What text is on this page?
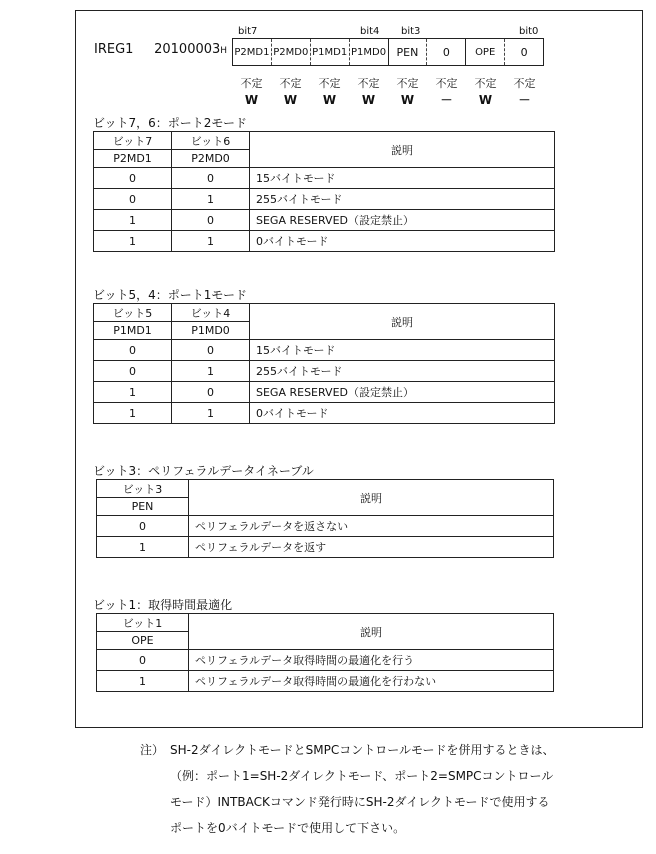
IREG1 20100003H
bit7	bit4 bit3	bit0
P2MD1 P2MD0 P1MD1 P1MD0 PEN	0	OPE	0
不定
W
不定
W
不定
W
不定
W
不定
W
不定
－
不定
W
不定
－
ビット7，6：ポート2モード
ビット7	ビット6	説明
P2MD1	P2MD0	
0	0	15バイトモード
0	1	255バイトモード
1	0	SEGA RESERVED（設定禁止）
1	1	0バイトモード
ビット5，4：ポート1モード
ビット5	ビット4	説明
P1MD1	P1MD0	
0	0	15バイトモード
0	1	255バイトモード
1	0	SEGA RESERVED（設定禁止）
1	1	0バイトモード
ビット3：ペリフェラルデータイネーブル
ビット3	説明
PEN	
0	ペリフェラルデータを返さない
1	ペリフェラルデータを返す
ビット1：取得時間最適化
ビット1	説明
OPE	
0	ペリフェラルデータ取得時間の最適化を行う
1	ペリフェラルデータ取得時間の最適化を行わない
注） SH-2ダイレクトモードとSMPCコントロールモードを併用するときは、
（例：ポート1=SH-2ダイレクトモード、ポート2=SMPCコントロール
モード）INTBACKコマンド発行時にSH-2ダイレクトモードで使用する
ポートを0バイトモードで使用して下さい。
